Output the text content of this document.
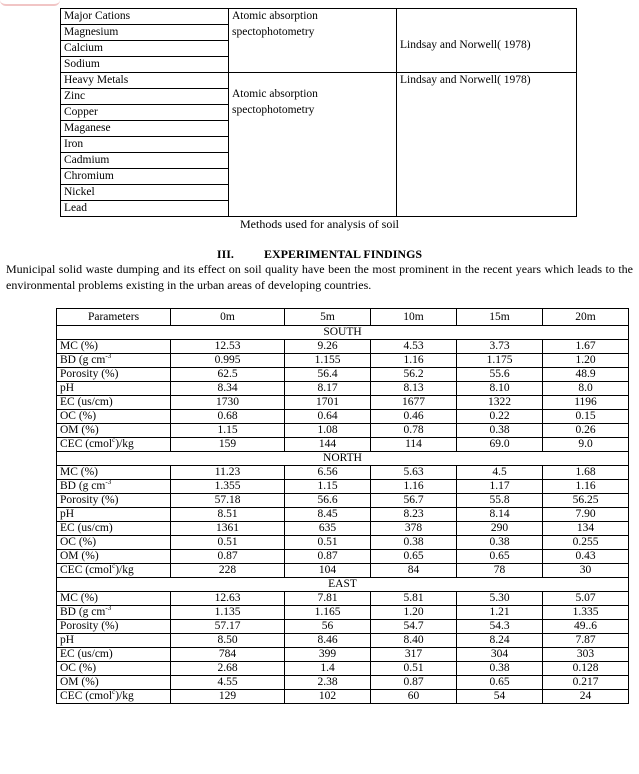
Major Cations	Atomic absorption spectophotometry	Lindsay and Norwell( 1978)

Magnesium		
Calcium		
Sodium		
Heavy Metals	Atomic absorption spectophotometry	Lindsay and Norwell( 1978)

Zinc		
Copper		
Maganese		
Iron		
Cadmium		
Chromium		
Nickel		
Lead		
Methods used for analysis of soil
III.	EXPERIMENTAL FINDINGS
Municipal solid waste dumping and its effect on soil quality have been the most prominent in the recent years which leads to the environmental problems existing in the urban areas of developing countries.
Parameters	0m	5m	10m	15m	20m
SOUTH					
MC (%)	12.53	9.26	4.53	3.73	1.67
BD (g $cm^{-3}$	0.995	1.155	1.16	1.175	1.20
Porosity (%)	62.5	56.4	56.2	55.6	48.9
pH	8.34	8.17	8.13	8.10	8.0
EC (us/cm)	1730	1701	1677	1322	1196
OC (%)	0.68	0.64	0.46	0.22	0.15
OM (%)	1.15	1.08	0.78	0.38	0.26
CEC (cmol$^c$)/kg	159	144	114	69.0	9.0
NORTH					
MC (%)	11.23	6.56	5.63	4.5	1.68
BD (g $cm^{-3}$	1.355	1.15	1.16	1.17	1.16
Porosity (%)	57.18	56.6	56.7	55.8	56.25
pH	8.51	8.45	8.23	8.14	7.90
EC (us/cm)	1361	635	378	290	134
OC (%)	0.51	0.51	0.38	0.38	0.255
OM (%)	0.87	0.87	0.65	0.65	0.43
CEC (cmol$^c$)/kg	228	104	84	78	30
EAST					
MC (%)	12.63	7.81	5.81	5.30	5.07
BD (g $cm^{-3}$	1.135	1.165	1.20	1.21	1.335
Porosity (%)	57.17	56	54.7	54.3	49..6
pH	8.50	8.46	8.40	8.24	7.87
EC (us/cm)	784	399	317	304	303
OC (%)	2.68	1.4	0.51	0.38	0.128
OM (%)	4.55	2.38	0.87	0.65	0.217
CEC (cmol$^c$)/kg	129	102	60	54	24
